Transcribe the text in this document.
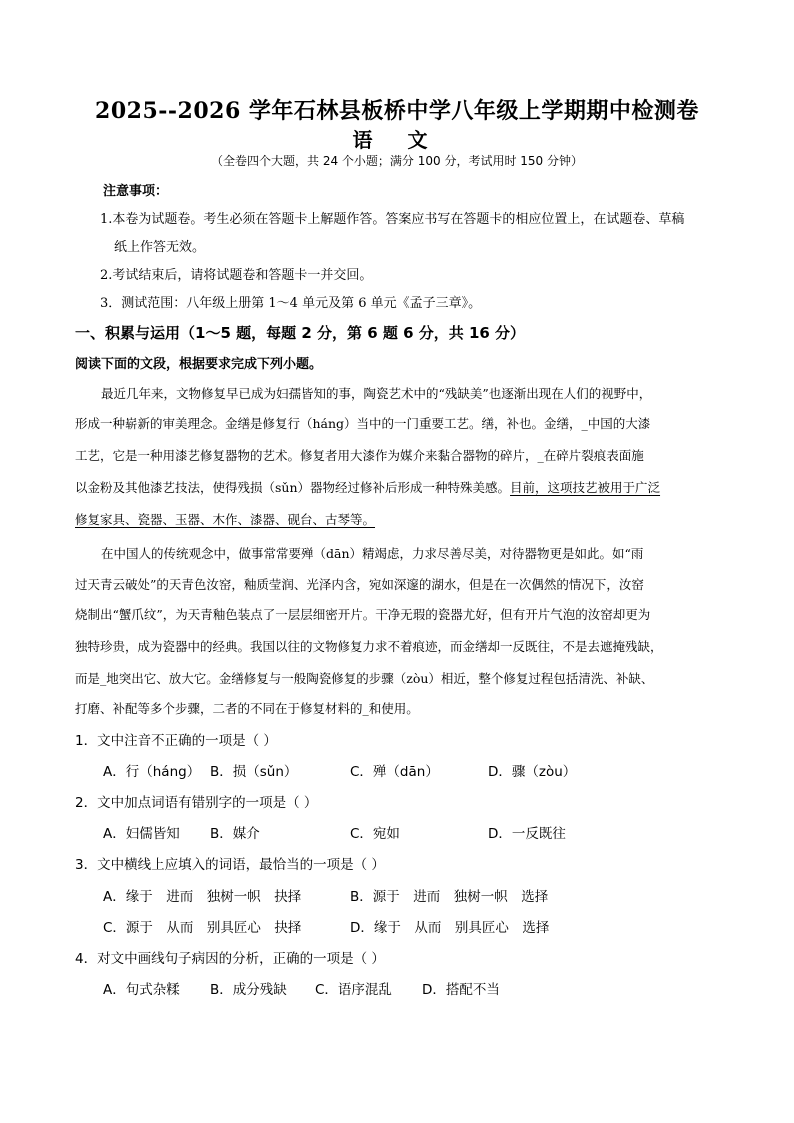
2025--2026 学年石林县板桥中学八年级上学期期中检测卷
语 文
（全卷四个大题，共 24 个小题；满分 100 分，考试用时 150 分钟）
注意事项：
1.本卷为试题卷。考生必须在答题卡上解题作答。答案应书写在答题卡的相应位置上，在试题卷、草稿
纸上作答无效。
2.考试结束后，请将试题卷和答题卡一并交回。
3．测试范围：八年级上册第 1～4 单元及第 6 单元《孟子三章》。
一、积累与运用（1～5 题，每题 2 分，第 6 题 6 分，共 16 分）
阅读下面的文段，根据要求完成下列小题。
最近几年来，文物修复早已成为妇孺皆知的事，陶瓷艺术中的“残缺美”也逐渐出现在人们的视野中，
形成一种崭新的审美理念。金缮是修复行（háng）当中的一门重要工艺。缮，补也。金缮，_中国的大漆
工艺，它是一种用漆艺修复器物的艺术。修复者用大漆作为媒介来黏合器物的碎片，_在碎片裂痕表面施
以金粉及其他漆艺技法，使得残损（sǔn）器物经过修补后形成一种特殊美感。目前，这项技艺被用于广泛
修复家具、瓷器、玉器、木作、漆器、砚台、古琴等。
在中国人的传统观念中，做事常常要殚（dān）精竭虑，力求尽善尽美，对待器物更是如此。如“雨
过天青云破处”的天青色汝窑，釉质莹润、光泽内含，宛如深邃的湖水，但是在一次偶然的情况下，汝窑
烧制出“蟹爪纹”，为天青釉色装点了一层层细密开片。干净无瑕的瓷器尤好，但有开片气泡的汝窑却更为
独特珍贵，成为瓷器中的经典。我国以往的文物修复力求不着痕迹，而金缮却一反既往，不是去遮掩残缺，
而是_地突出它、放大它。金缮修复与一般陶瓷修复的步骤（zòu）相近，整个修复过程包括清洗、补缺、
打磨、补配等多个步骤，二者的不同在于修复材料的_和使用。
1．文中注音不正确的一项是（ ）
A．行（háng） B．损（sǔn）	C．殚（dān）	D．骤（zòu）
2．文中加点词语有错别字的一项是（ ）
A．妇儒皆知 B．媒介	C．宛如	D．一反既往
3．文中横线上应填入的词语，最恰当的一项是（ ）
A．缘于　进而　独树一帜　抉择	B．源于　进而　独树一帜　选择
C．源于　从而　别具匠心　抉择	D．缘于　从而　别具匠心　选择
4．对文中画线句子病因的分析，正确的一项是（ ）
A．句式杂糅 B．成分残缺 C．语序混乱 D．搭配不当
